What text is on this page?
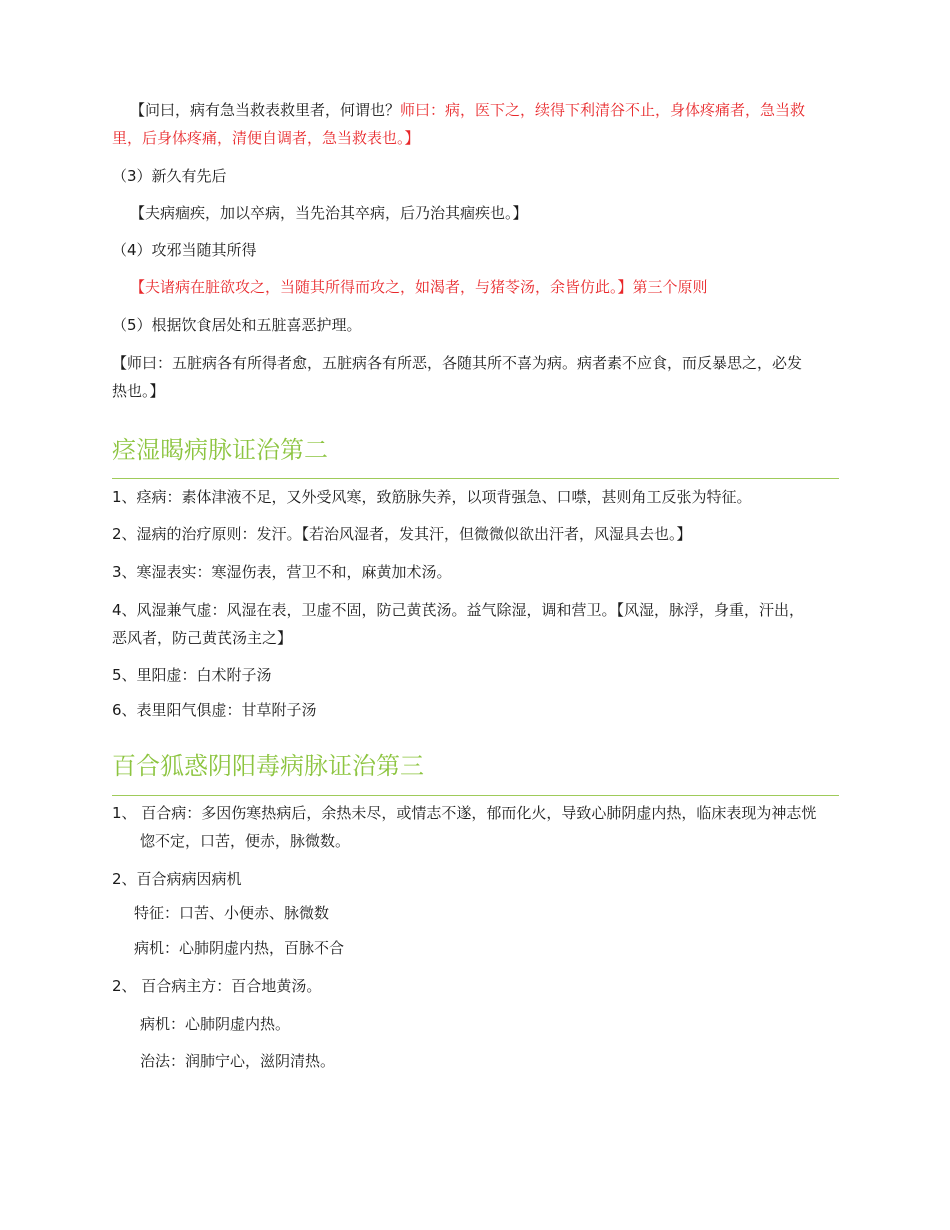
【问曰，病有急当救表救里者，何谓也？师曰：病，医下之，续得下利清谷不止，身体疼痛者，急当救
里，后身体疼痛，清便自调者，急当救表也。】
（3）新久有先后
【夫病痼疾，加以卒病，当先治其卒病，后乃治其痼疾也。】
（4）攻邪当随其所得
【夫诸病在脏欲攻之，当随其所得而攻之，如渴者，与猪苓汤，余皆仿此。】第三个原则
（5）根据饮食居处和五脏喜恶护理。
【师曰：五脏病各有所得者愈，五脏病各有所恶，各随其所不喜为病。病者素不应食，而反暴思之，必发
热也。】
痉湿暍病脉证治第二
1、痉病：素体津液不足，又外受风寒，致筋脉失养，以项背强急、口噤，甚则角工反张为特征。
2、湿病的治疗原则：发汗。【若治风湿者，发其汗，但微微似欲出汗者，风湿具去也。】
3、寒湿表实：寒湿伤表，营卫不和，麻黄加术汤。
4、风湿兼气虚：风湿在表，卫虚不固，防己黄芪汤。益气除湿，调和营卫。【风湿，脉浮，身重，汗出，
恶风者，防己黄芪汤主之】
5、里阳虚：白术附子汤
6、表里阳气俱虚：甘草附子汤
百合狐惑阴阳毒病脉证治第三
1、 百合病：多因伤寒热病后，余热未尽，或情志不遂，郁而化火，导致心肺阴虚内热，临床表现为神志恍
惚不定，口苦，便赤，脉微数。
2、百合病病因病机
特征：口苦、小便赤、脉微数
病机：心肺阴虚内热，百脉不合
2、 百合病主方：百合地黄汤。
病机：心肺阴虚内热。
治法：润肺宁心，滋阴清热。
